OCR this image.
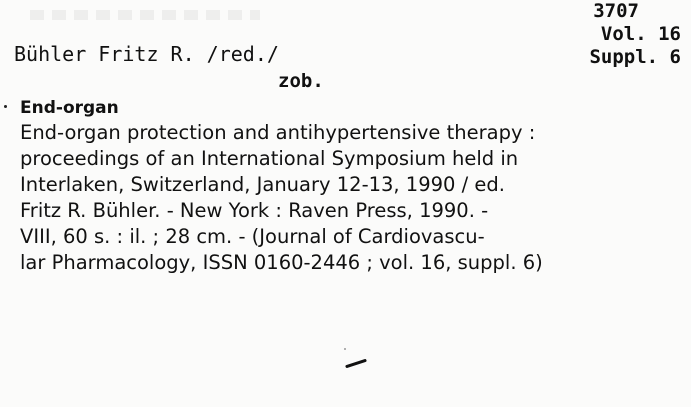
3707
Vol. 16
Suppl. 6
Bühler Fritz R. /red./
zob.
End-organ
End-organ protection and antihypertensive therapy :
proceedings of an International Symposium held in
Interlaken, Switzerland, January 12-13, 1990 / ed.
Fritz R. Bühler. - New York : Raven Press, 1990. -
VIII, 60 s. : il. ; 28 cm. - (Journal of Cardiovascu-
lar Pharmacology, ISSN 0160-2446 ; vol. 16, suppl. 6)
